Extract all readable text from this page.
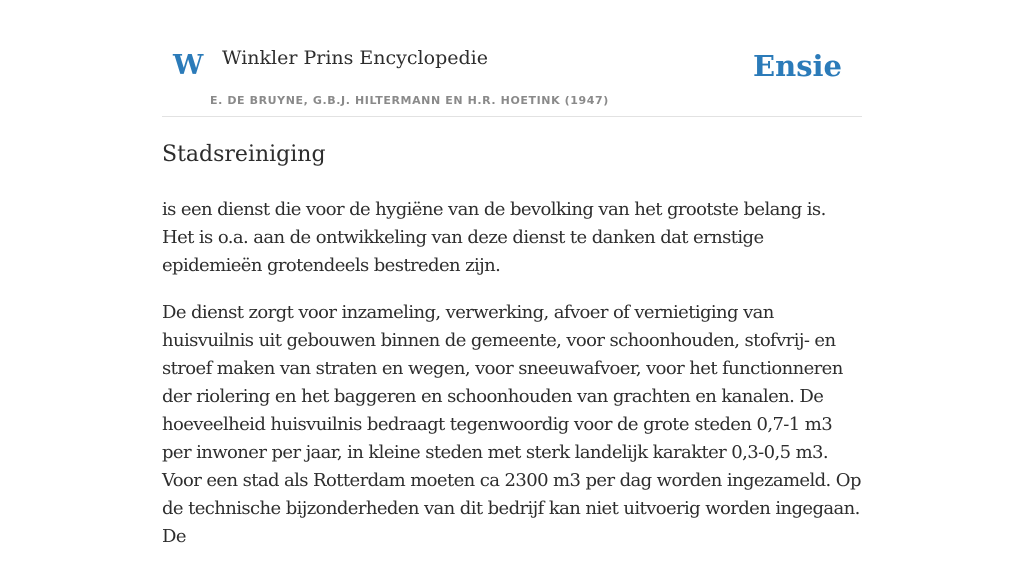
W Winkler Prins Encyclopedie
E. DE BRUYNE, G.B.J. HILTERMANN EN H.R. HOETINK (1947)
Ensie
Stadsreiniging

is een dienst die voor de hygiëne van de bevolking van het grootste belang is. Het is o.a. aan de ontwikkeling van deze dienst te danken dat ernstige epidemieën grotendeels bestreden zijn.

De dienst zorgt voor inzameling, verwerking, afvoer of vernietiging van huisvuilnis uit gebouwen binnen de gemeente, voor schoonhouden, stofvrij- en stroef maken van straten en wegen, voor sneeuwafvoer, voor het functionneren der riolering en het baggeren en schoonhouden van grachten en kanalen. De hoeveelheid huisvuilnis bedraagt tegenwoordig voor de grote steden 0,7-1 m3 per inwoner per jaar, in kleine steden met sterk landelijk karakter 0,3-0,5 m3. Voor een stad als Rotterdam moeten ca 2300 m3 per dag worden ingezameld. Op de technische bijzonderheden van dit bedrijf kan niet uitvoerig worden ingegaan. De
